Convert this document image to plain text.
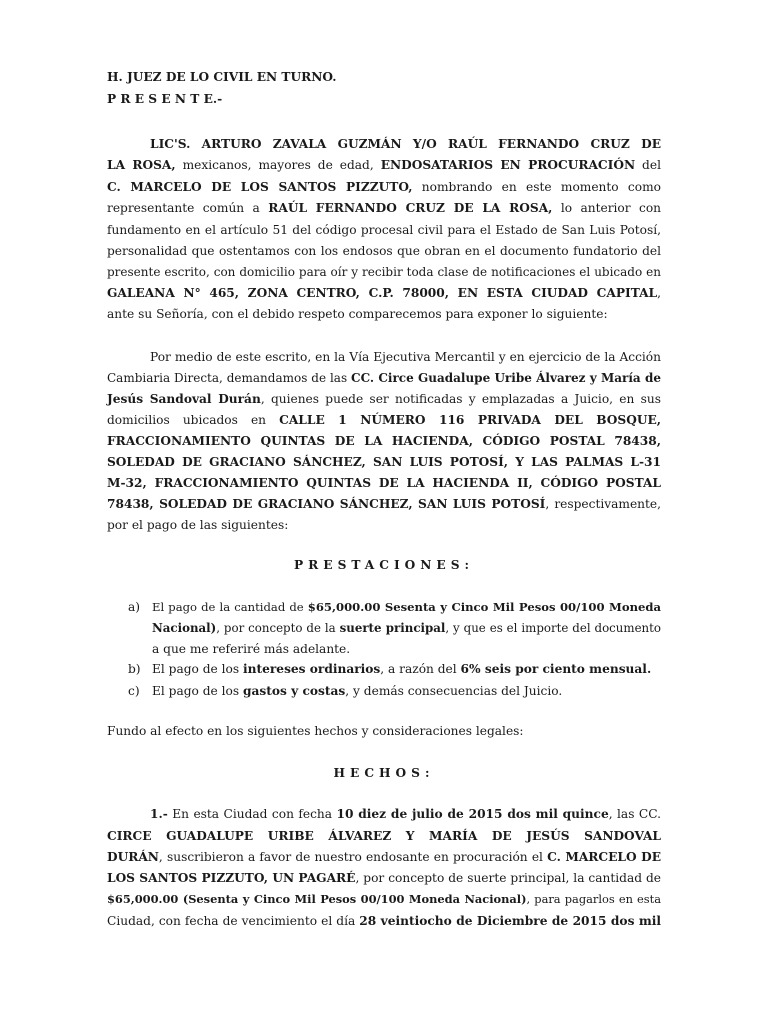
H. JUEZ DE LO CIVIL EN TURNO.
P R E S E N T E.-
LIC'S. ARTURO ZAVALA GUZMÁN Y/O RAÚL FERNANDO CRUZ DE
LA ROSA, mexicanos, mayores de edad, ENDOSATARIOS EN PROCURACIÓN del
C. MARCELO DE LOS SANTOS PIZZUTO, nombrando en este momento como
representante común a RAÚL FERNANDO CRUZ DE LA ROSA, lo anterior con
fundamento en el artículo 51 del código procesal civil para el Estado de San Luis Potosí,
personalidad que ostentamos con los endosos que obran en el documento fundatorio del
presente escrito, con domicilio para oír y recibir toda clase de notificaciones el ubicado en
GALEANA N° 465, ZONA CENTRO, C.P. 78000, EN ESTA CIUDAD CAPITAL,
ante su Señoría, con el debido respeto comparecemos para exponer lo siguiente:
Por medio de este escrito, en la Vía Ejecutiva Mercantil y en ejercicio de la Acción
Cambiaria Directa, demandamos de las CC. Circe Guadalupe Uribe Álvarez y María de
Jesús Sandoval Durán, quienes puede ser notificadas y emplazadas a Juicio, en sus
domicilios ubicados en CALLE 1 NÚMERO 116 PRIVADA DEL BOSQUE,
FRACCIONAMIENTO QUINTAS DE LA HACIENDA, CÓDIGO POSTAL 78438,
SOLEDAD DE GRACIANO SÁNCHEZ, SAN LUIS POTOSÍ, Y LAS PALMAS L-31
M-32, FRACCIONAMIENTO QUINTAS DE LA HACIENDA II, CÓDIGO POSTAL
78438, SOLEDAD DE GRACIANO SÁNCHEZ, SAN LUIS POTOSÍ, respectivamente,
por el pago de las siguientes:
PRESTACIONES:
a) El pago de la cantidad de $65,000.00 Sesenta y Cinco Mil Pesos 00/100 Moneda
Nacional), por concepto de la suerte principal, y que es el importe del documento
a que me referiré más adelante.
b) El pago de los intereses ordinarios, a razón del 6% seis por ciento mensual.
c) El pago de los gastos y costas, y demás consecuencias del Juicio.
Fundo al efecto en los siguientes hechos y consideraciones legales:
HECHOS:
1.- En esta Ciudad con fecha 10 diez de julio de 2015 dos mil quince, las CC.
CIRCE GUADALUPE URIBE ÁLVAREZ Y MARÍA DE JESÚS SANDOVAL
DURÁN, suscribieron a favor de nuestro endosante en procuración el C. MARCELO DE
LOS SANTOS PIZZUTO, UN PAGARÉ, por concepto de suerte principal, la cantidad de
$65,000.00 (Sesenta y Cinco Mil Pesos 00/100 Moneda Nacional), para pagarlos en esta
Ciudad, con fecha de vencimiento el día 28 veintiocho de Diciembre de 2015 dos mil
